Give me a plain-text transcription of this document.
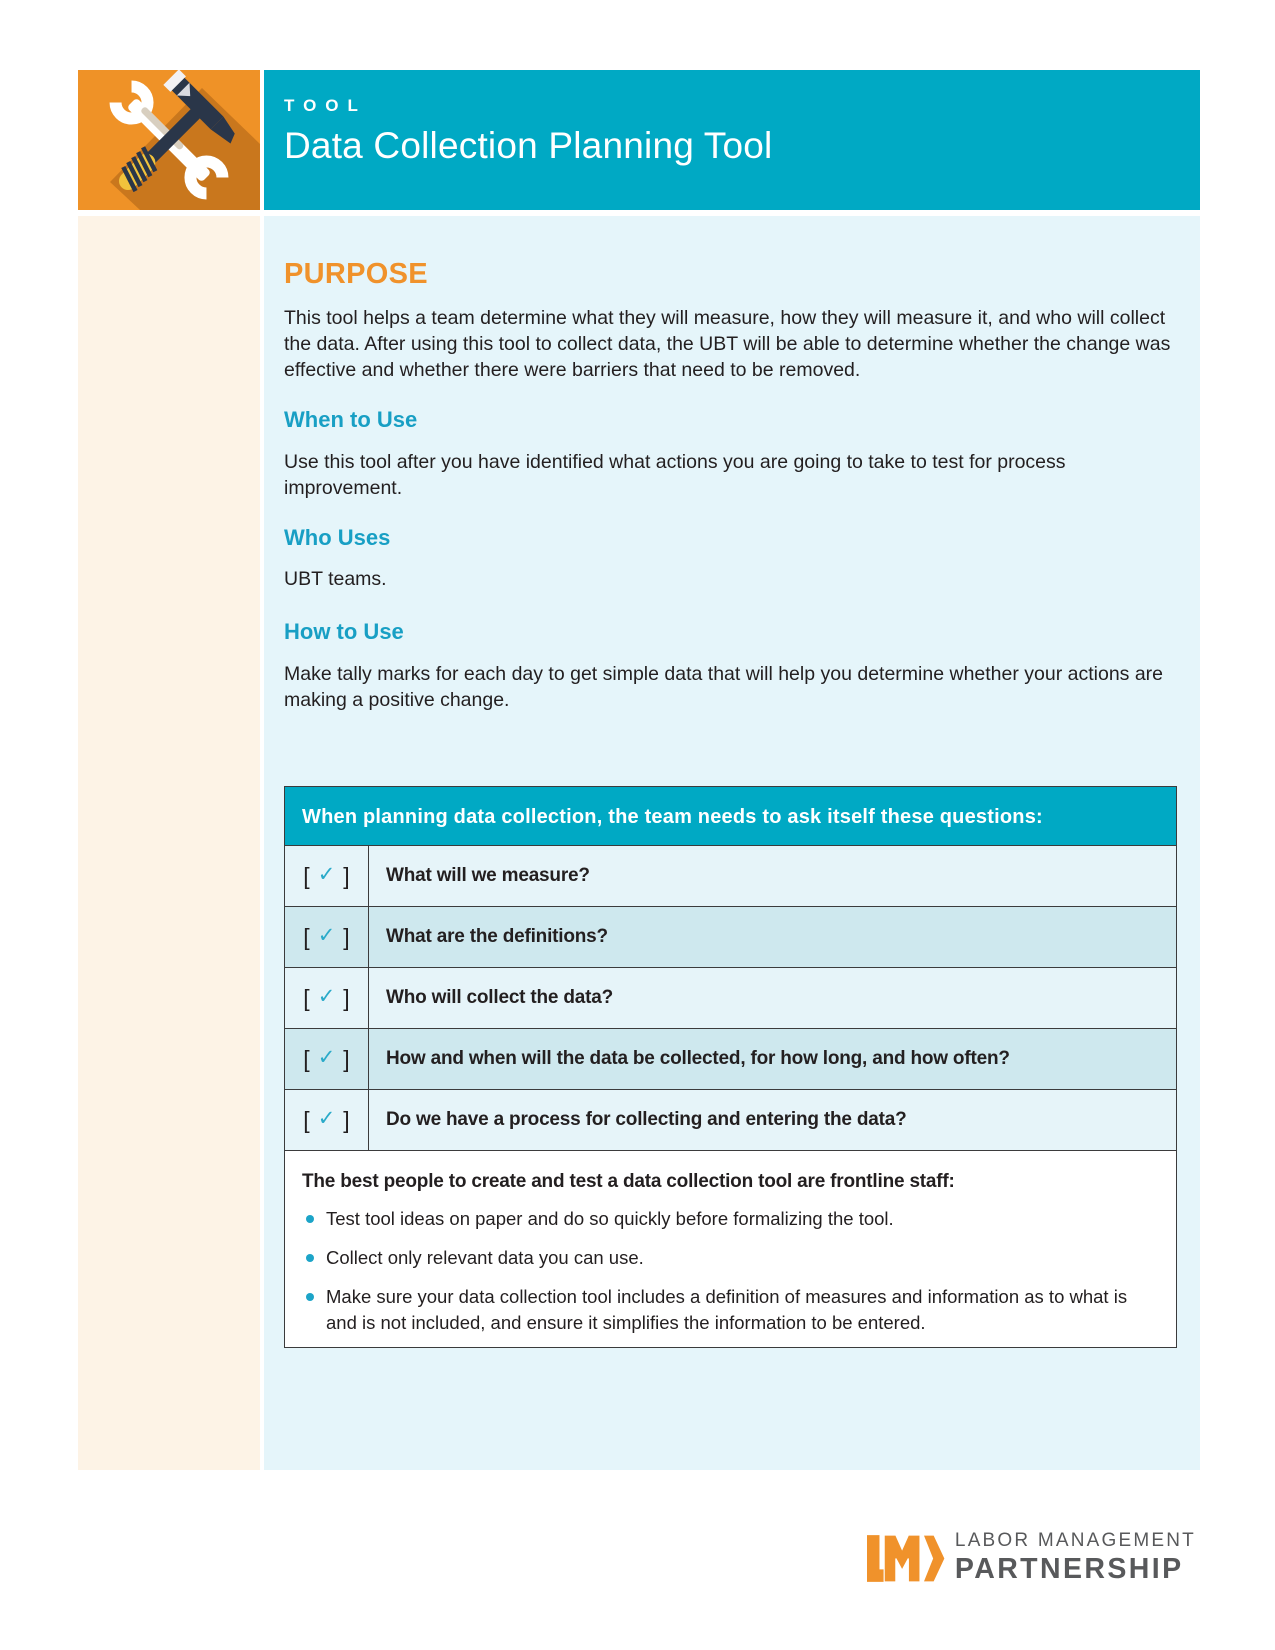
TOOL
Data Collection Planning Tool
PURPOSE

This tool helps a team determine what they will measure, how they will measure it, and who will collect the data. After using this tool to collect data, the UBT will be able to determine whether the change was effective and whether there were barriers that need to be removed.

When to Use

Use this tool after you have identified what actions you are going to take to test for process improvement.

Who Uses

UBT teams.

How to Use

Make tally marks for each day to get simple data that will help you determine whether your actions are making a positive change.

When planning data collection, the team needs to ask itself these questions:
[ ✓ ]	What will we measure?
[ ✓ ]	What are the definitions?
[ ✓ ]	Who will collect the data?
[ ✓ ]	How and when will the data be collected, for how long, and how often?
[ ✓ ]	Do we have a process for collecting and entering the data?

The best people to create and test a data collection tool are frontline staff:

Test tool ideas on paper and do so quickly before formalizing the tool.
Collect only relevant data you can use.
Make sure your data collection tool includes a definition of measures and information as to what is and is not included, and ensure it simplifies the information to be entered.
LABOR MANAGEMENT
PARTNERSHIP
